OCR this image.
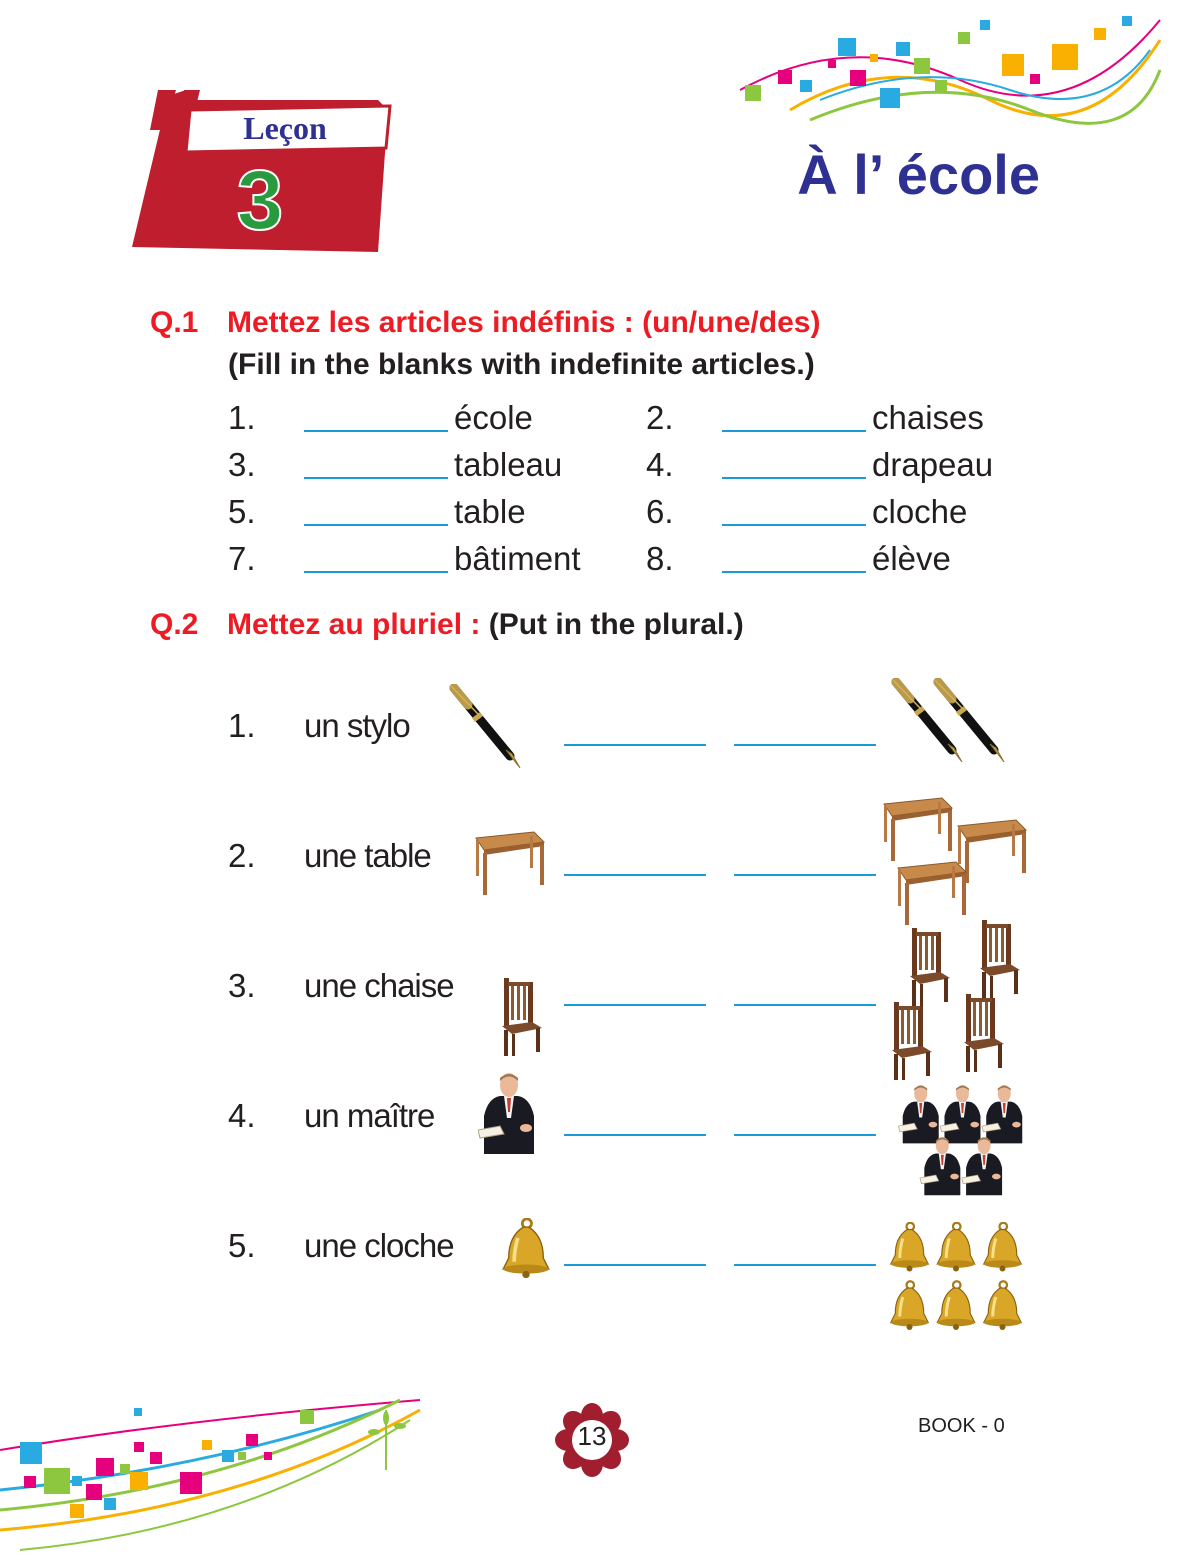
Leçon
3	À l’ école
Q.1 Mettez les articles indéfinis : (un/une/des)
(Fill in the blanks with indefinite articles.)
1.	école	2.	chaises
3.	tableau	4.	drapeau
5.	table	6.	cloche
7.	bâtiment 8.	élève
Q.2 Mettez au pluriel : (Put in the plural.)
1. un stylo
2. une table
3. une chaise
4. un maître
5. une cloche
13	BOOK - 0
